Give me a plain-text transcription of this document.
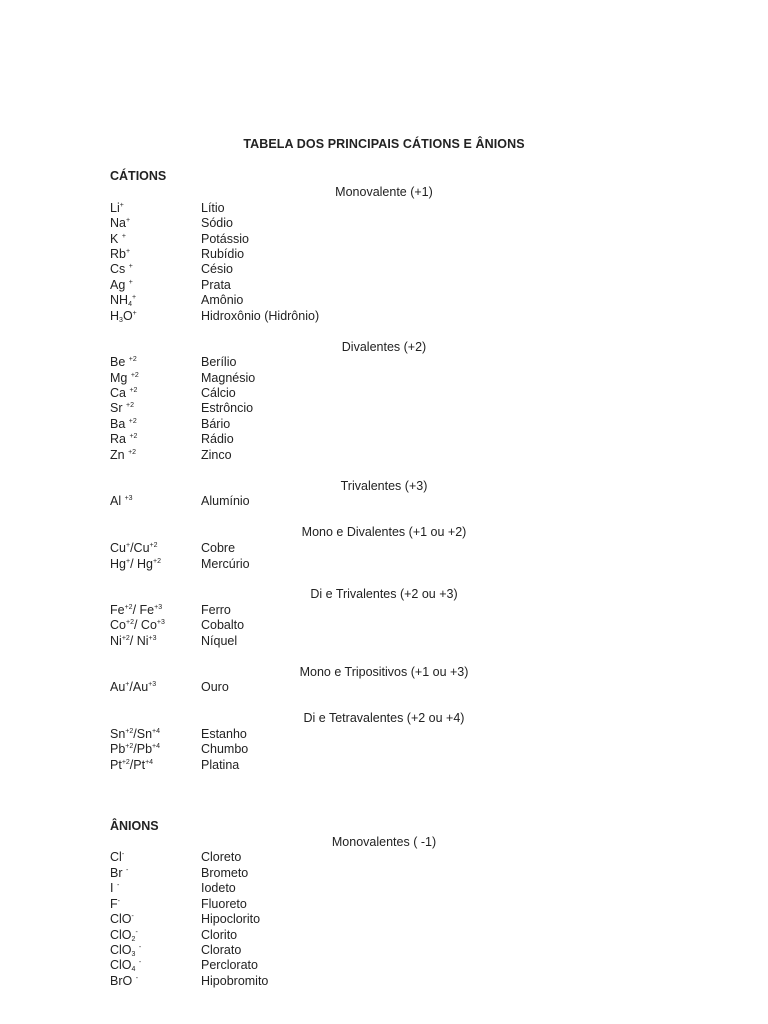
TABELA DOS PRINCIPAIS CÁTIONS E ÂNIONS
CÁTIONS
Monovalente (+1)
Li+	Lítio
Na+	Sódio
K +	Potássio
Rb+	Rubídio
Cs +	Césio
Ag +	Prata
$NH_4^+$	Amônio
$H_3O^+$	Hidroxônio (Hidrônio)
Divalentes (+2)
Be $^{+2}$	Berílio
Mg $^{+2}$	Magnésio
Ca $^{+2}$	Cálcio
Sr $^{+2}$	Estrôncio
Ba $^{+2}$	Bário
Ra $^{+2}$	Rádio
Zn $^{+2}$	Zinco
Trivalentes (+3)
Al $^{+3}$	Alumínio
Mono e Divalentes (+1 ou +2)
$Cu^+/Cu^{+2}$	Cobre
Hg+/ $Hg^{+2}$	Mercúrio
Di e Trivalentes (+2 ou +3)
$Fe^{+2}/$ $Fe^{+3}$	Ferro
$Co^{+2}/$ $Co^{+3}$	Cobalto
$Ni^{+2}/$ $Ni^{+3}$	Níquel
Mono e Tripositivos (+1 ou +3)
$Au^+/Au^{+3}$	Ouro
Di e Tetravalentes (+2 ou +4)
$Sn^{+2}/Sn^{+4}$	Estanho
$Pb^{+2}/Pb^{+4}$	Chumbo
$Pt^{+2}/Pt^{+4}$	Platina
ÂNIONS
Monovalentes ( -1)
Cl-	Cloreto
Br -	Brometo
I -	Iodeto
F-	Fluoreto
ClO-	Hipoclorito
ClO$_2$-	Clorito
ClO$_3$ -	Clorato
ClO$_4$ -	Perclorato
BrO -	Hipobromito
